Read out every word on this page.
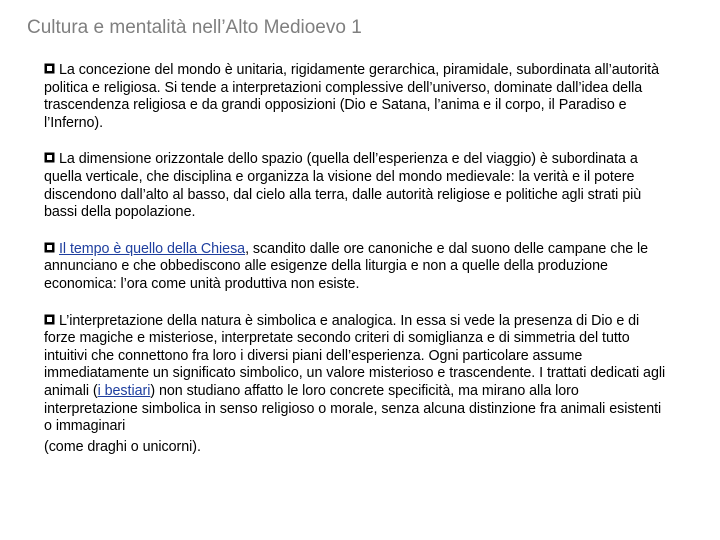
Cultura e mentalità nell’Alto Medioevo 1

La concezione del mondo è unitaria, rigidamente gerarchica, piramidale, subordinata all’autorità politica e religiosa. Si tende a interpretazioni complessive dell’universo, dominate dall’idea della trascendenza religiosa e da grandi opposizioni (Dio e Satana, l’anima e il corpo, il Paradiso e l’Inferno).

La dimensione orizzontale dello spazio (quella dell’esperienza e del viaggio) è subordinata a quella verticale, che disciplina e organizza la visione del mondo medievale: la verità e il potere discendono dall’alto al basso, dal cielo alla terra, dalle autorità religiose e politiche agli strati più bassi della popolazione.

Il tempo è quello della Chiesa, scandito dalle ore canoniche e dal suono delle campane che le annunciano e che obbediscono alle esigenze della liturgia e non a quelle della produzione economica: l’ora come unità produttiva non esiste.

L’interpretazione della natura è simbolica e analogica. In essa si vede la presenza di Dio e di forze magiche e misteriose, interpretate secondo criteri di somiglianza e di simmetria del tutto intuitivi che connettono fra loro i diversi piani dell’esperienza. Ogni particolare assume immediatamente un significato simbolico, un valore misterioso e trascendente. I trattati dedicati agli animali (i bestiari) non studiano affatto le loro concrete specificità, ma mirano alla loro interpretazione simbolica in senso religioso o morale, senza alcuna distinzione fra animali esistenti o immaginari
(come draghi o unicorni).
